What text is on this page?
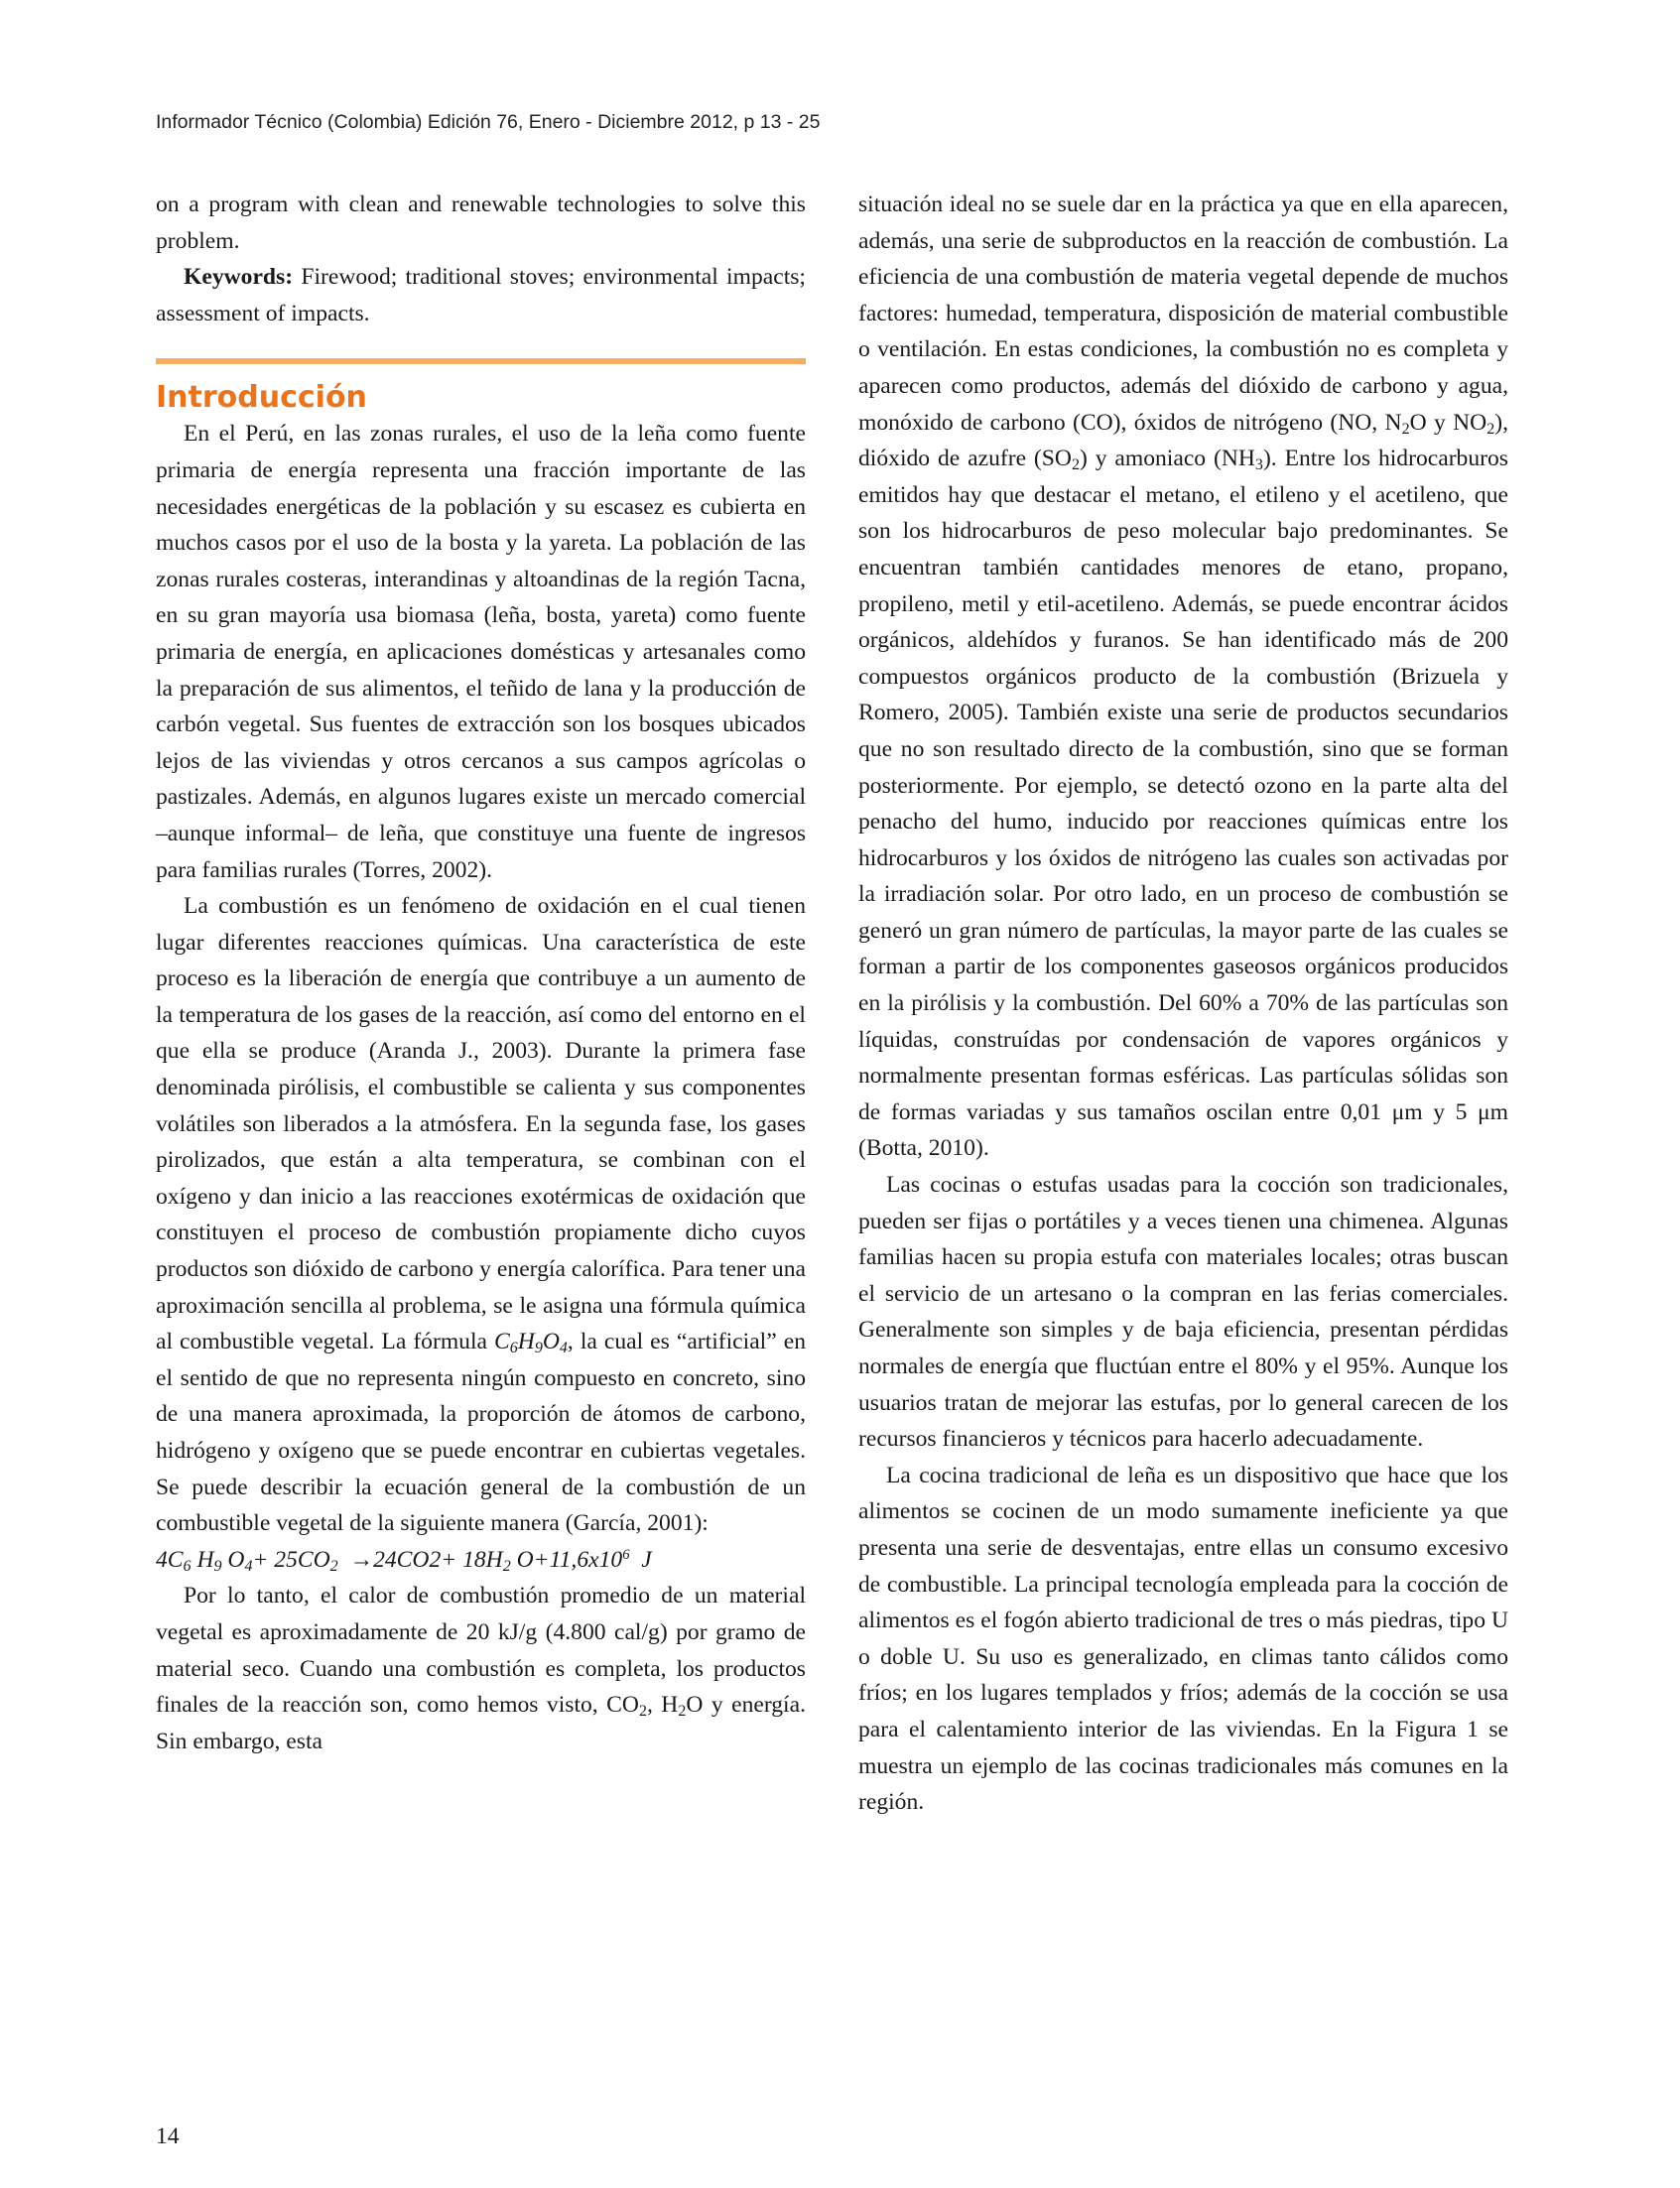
Informador Técnico (Colombia) Edición 76, Enero - Diciembre 2012, p 13 - 25

on a program with clean and renewable technologies to solve this problem.

Keywords: Firewood; traditional stoves; environmental impacts; assessment of impacts.

Introducción

En el Perú, en las zonas rurales, el uso de la leña como fuente primaria de energía representa una fracción importante de las necesidades energéticas de la población y su escasez es cubierta en muchos casos por el uso de la bosta y la yareta. La población de las zonas rurales costeras, interandinas y altoandinas de la región Tacna, en su gran mayoría usa biomasa (leña, bosta, yareta) como fuente primaria de energía, en aplicaciones domésticas y artesanales como la preparación de sus alimentos, el teñido de lana y la producción de carbón vegetal. Sus fuentes de extracción son los bosques ubicados lejos de las viviendas y otros cercanos a sus campos agrícolas o pastizales. Además, en algunos lugares existe un mercado comercial –aunque informal– de leña, que constituye una fuente de ingresos para familias rurales (Torres, 2002).

La combustión es un fenómeno de oxidación en el cual tienen lugar diferentes reacciones químicas. Una característica de este proceso es la liberación de energía que contribuye a un aumento de la temperatura de los gases de la reacción, así como del entorno en el que ella se produce (Aranda J., 2003). Durante la primera fase denominada pirólisis, el combustible se calienta y sus componentes volátiles son liberados a la atmósfera. En la segunda fase, los gases pirolizados, que están a alta temperatura, se combinan con el oxígeno y dan inicio a las reacciones exotérmicas de oxidación que constituyen el proceso de combustión propiamente dicho cuyos productos son dióxido de carbono y energía calorífica. Para tener una aproximación sencilla al problema, se le asigna una fórmula química al combustible vegetal. La fórmula $C_6H_9O_4$, la cual es “artificial” en el sentido de que no representa ningún compuesto en concreto, sino de una manera aproximada, la proporción de átomos de carbono, hidrógeno y oxígeno que se puede encontrar en cubiertas vegetales. Se puede describir la ecuación general de la combustión de un combustible vegetal de la siguiente manera (García, 2001):

$4C_6$ $H_9$ $O_4+ 25CO_2 \to 24CO2+ 18H_2$ $O+11,6x10^6$  J

Por lo tanto, el calor de combustión promedio de un material vegetal es aproximadamente de 20 kJ/g (4.800 cal/g) por gramo de material seco. Cuando una combustión es completa, los productos finales de la reacción son, como hemos visto, $CO_2$, $H_2O$ y energía. Sin embargo, esta

situación ideal no se suele dar en la práctica ya que en ella aparecen, además, una serie de subproductos en la reacción de combustión. La eficiencia de una combustión de materia vegetal depende de muchos factores: humedad, temperatura, disposición de material combustible o ventilación. En estas condiciones, la combustión no es completa y aparecen como productos, además del dióxido de carbono y agua, monóxido de carbono (CO), óxidos de nitrógeno (NO, $N_2O$ y $NO_2$), dióxido de azufre $(SO_2)$ y amoniaco $(NH_3)$. Entre los hidrocarburos emitidos hay que destacar el metano, el etileno y el acetileno, que son los hidrocarburos de peso molecular bajo predominantes. Se encuentran también cantidades menores de etano, propano, propileno, metil y etil-acetileno. Además, se puede encontrar ácidos orgánicos, aldehídos y furanos. Se han identificado más de 200 compuestos orgánicos producto de la combustión (Brizuela y Romero, 2005). También existe una serie de productos secundarios que no son resultado directo de la combustión, sino que se forman posteriormente. Por ejemplo, se detectó ozono en la parte alta del penacho del humo, inducido por reacciones químicas entre los hidrocarburos y los óxidos de nitrógeno las cuales son activadas por la irradiación solar. Por otro lado, en un proceso de combustión se generó un gran número de partículas, la mayor parte de las cuales se forman a partir de los componentes gaseosos orgánicos producidos en la pirólisis y la combustión. Del 60% a 70% de las partículas son líquidas, construídas por condensación de vapores orgánicos y normalmente presentan formas esféricas. Las partículas sólidas son de formas variadas y sus tamaños oscilan entre 0,01 μm y 5 μm (Botta, 2010).

Las cocinas o estufas usadas para la cocción son tradicionales, pueden ser fijas o portátiles y a veces tienen una chimenea. Algunas familias hacen su propia estufa con materiales locales; otras buscan el servicio de un artesano o la compran en las ferias comerciales. Generalmente son simples y de baja eficiencia, presentan pérdidas normales de energía que fluctúan entre el 80% y el 95%. Aunque los usuarios tratan de mejorar las estufas, por lo general carecen de los recursos financieros y técnicos para hacerlo adecuadamente.

La cocina tradicional de leña es un dispositivo que hace que los alimentos se cocinen de un modo sumamente ineficiente ya que presenta una serie de desventajas, entre ellas un consumo excesivo de combustible. La principal tecnología empleada para la cocción de alimentos es el fogón abierto tradicional de tres o más piedras, tipo U o doble U. Su uso es generalizado, en climas tanto cálidos como fríos; en los lugares templados y fríos; además de la cocción se usa para el calentamiento interior de las viviendas. En la Figura 1 se muestra un ejemplo de las cocinas tradicionales más comunes en la región.

14
